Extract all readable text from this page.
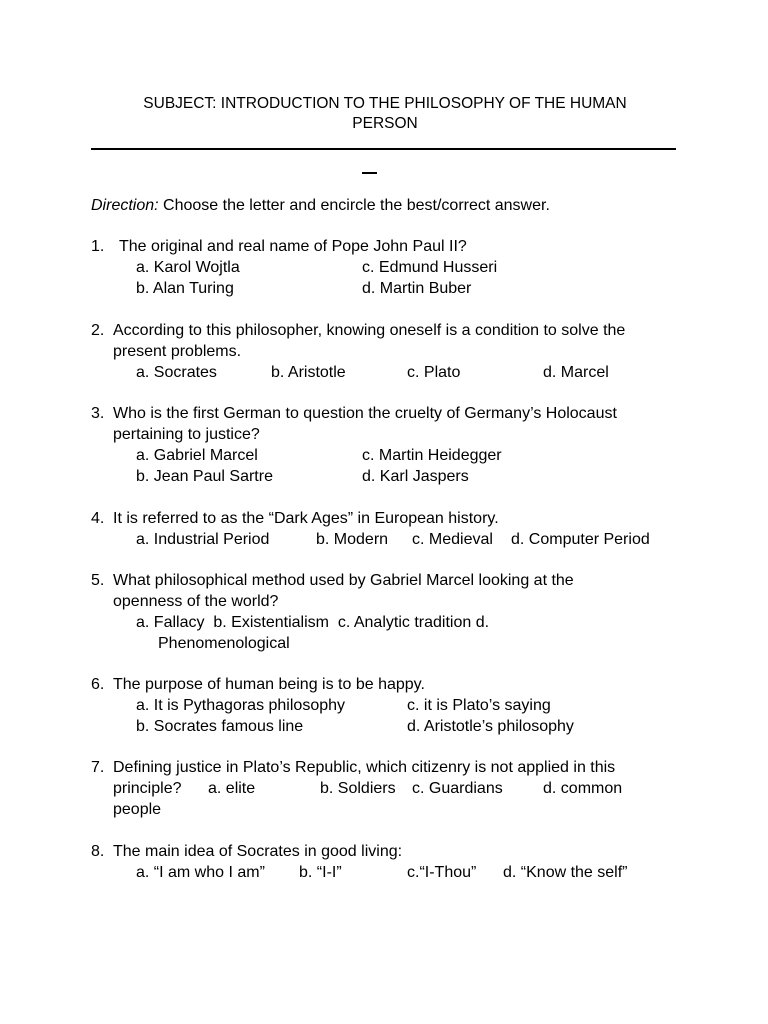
SUBJECT: INTRODUCTION TO THE PHILOSOPHY OF THE HUMAN
PERSON
Direction: Choose the letter and encircle the best/correct answer.
1. The original and real name of Pope John Paul II?
a. Karol Wojtla	c. Edmund Husseri
b. Alan Turing	d. Martin Buber
2. According to this philosopher, knowing oneself is a condition to solve the
present problems.
a. Socrates	b. Aristotle	c. Plato	d. Marcel
3. Who is the first German to question the cruelty of Germany’s Holocaust
pertaining to justice?
a. Gabriel Marcel	c. Martin Heidegger
b. Jean Paul Sartre	d. Karl Jaspers
4. It is referred to as the “Dark Ages” in European history.
a. Industrial Period	b. Modern c. Medieval d. Computer Period
5. What philosophical method used by Gabriel Marcel looking at the
openness of the world?
a. Fallacy  b. Existentialism  c. Analytic tradition d.
Phenomenological
6. The purpose of human being is to be happy.
a. It is Pythagoras philosophy	c. it is Plato’s saying
b. Socrates famous line	d. Aristotle’s philosophy
7. Defining justice in Plato’s Republic, which citizenry is not applied in this
principle? a. elite	b. Soldiers c. Guardians	d. common
people
8. The main idea of Socrates in good living:
a. “I am who I am” b. “I-I”	c.“I-Thou” d. “Know the self”
